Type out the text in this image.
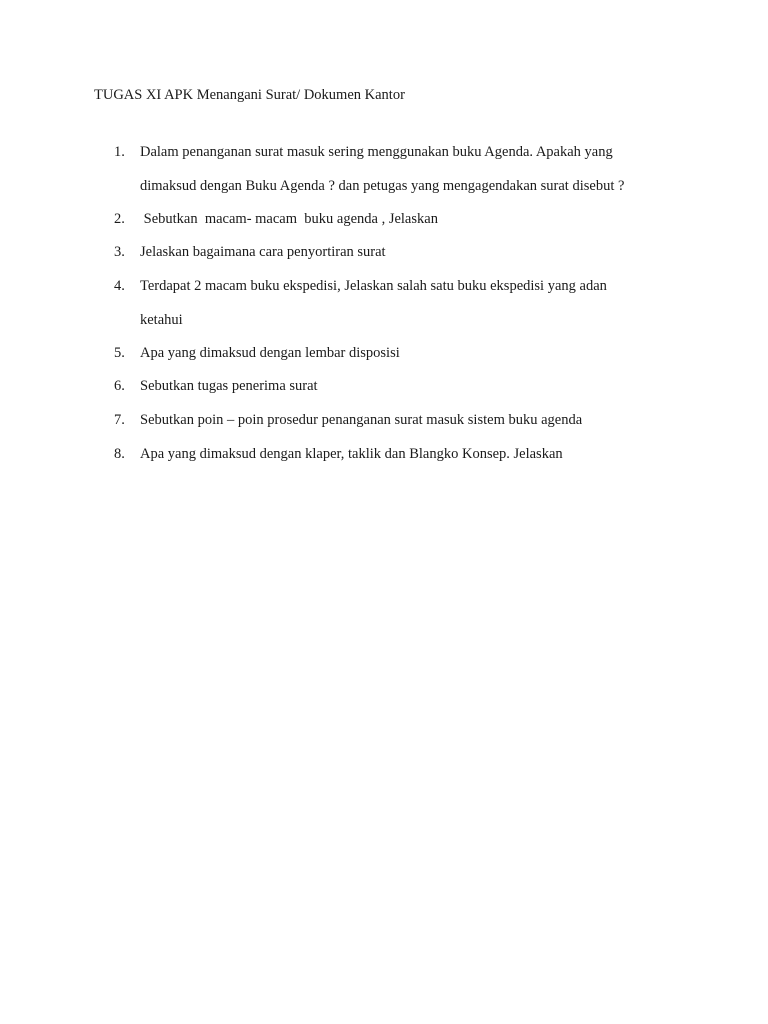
TUGAS XI APK Menangani Surat/ Dokumen Kantor
1. Dalam penanganan surat masuk sering menggunakan buku Agenda. Apakah yang
dimaksud dengan Buku Agenda ? dan petugas yang mengagendakan surat disebut ?
2. Sebutkan  macam- macam  buku agenda , Jelaskan
3. Jelaskan bagaimana cara penyortiran surat
4. Terdapat 2 macam buku ekspedisi, Jelaskan salah satu buku ekspedisi yang adan
ketahui
5. Apa yang dimaksud dengan lembar disposisi
6. Sebutkan tugas penerima surat
7. Sebutkan poin – poin prosedur penanganan surat masuk sistem buku agenda
8. Apa yang dimaksud dengan klaper, taklik dan Blangko Konsep. Jelaskan
